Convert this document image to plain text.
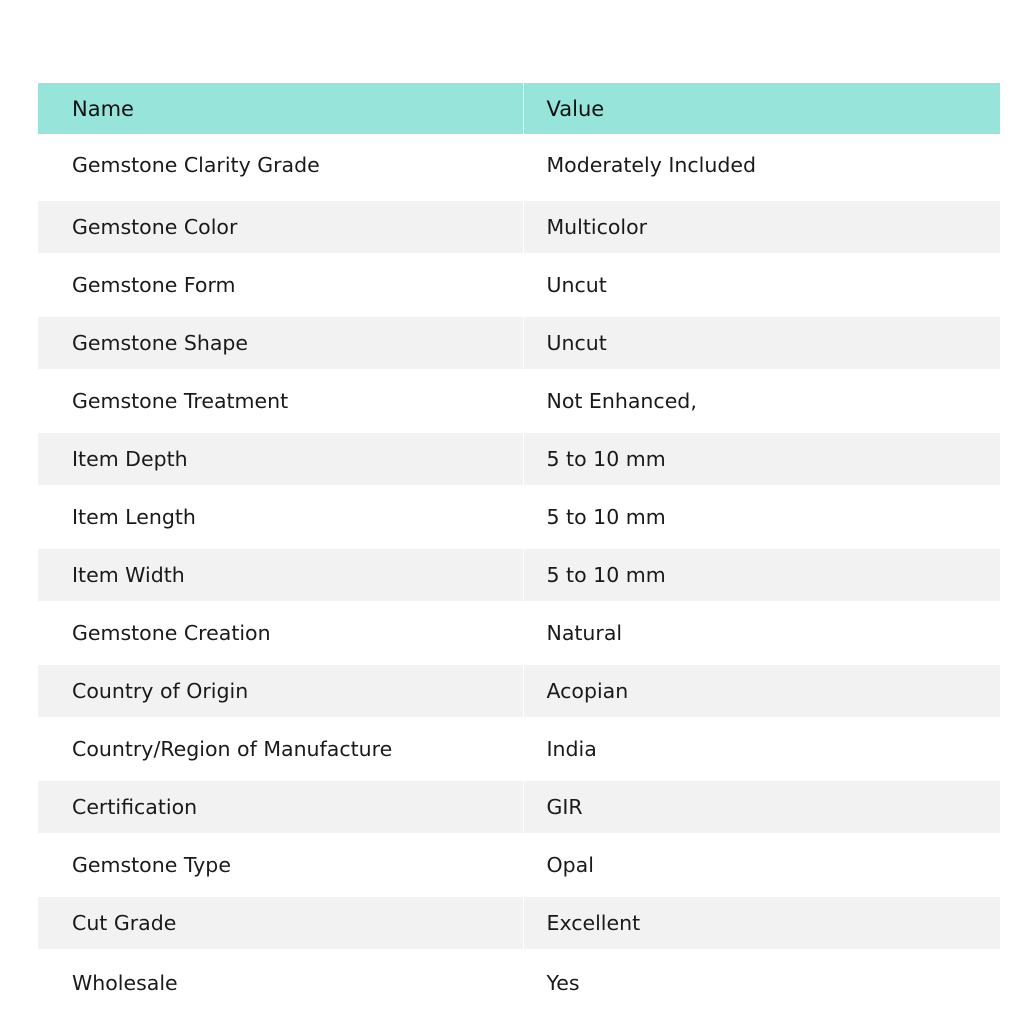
Name	Value
Gemstone Clarity Grade	Moderately Included
Gemstone Color	Multicolor
Gemstone Form	Uncut
Gemstone Shape	Uncut
Gemstone Treatment	Not Enhanced,
Item Depth	5 to 10 mm
Item Length	5 to 10 mm
Item Width	5 to 10 mm
Gemstone Creation	Natural
Country of Origin	Acopian
Country/Region of Manufacture	India
Certification	GIR
Gemstone Type	Opal
Cut Grade	Excellent
Wholesale	Yes
